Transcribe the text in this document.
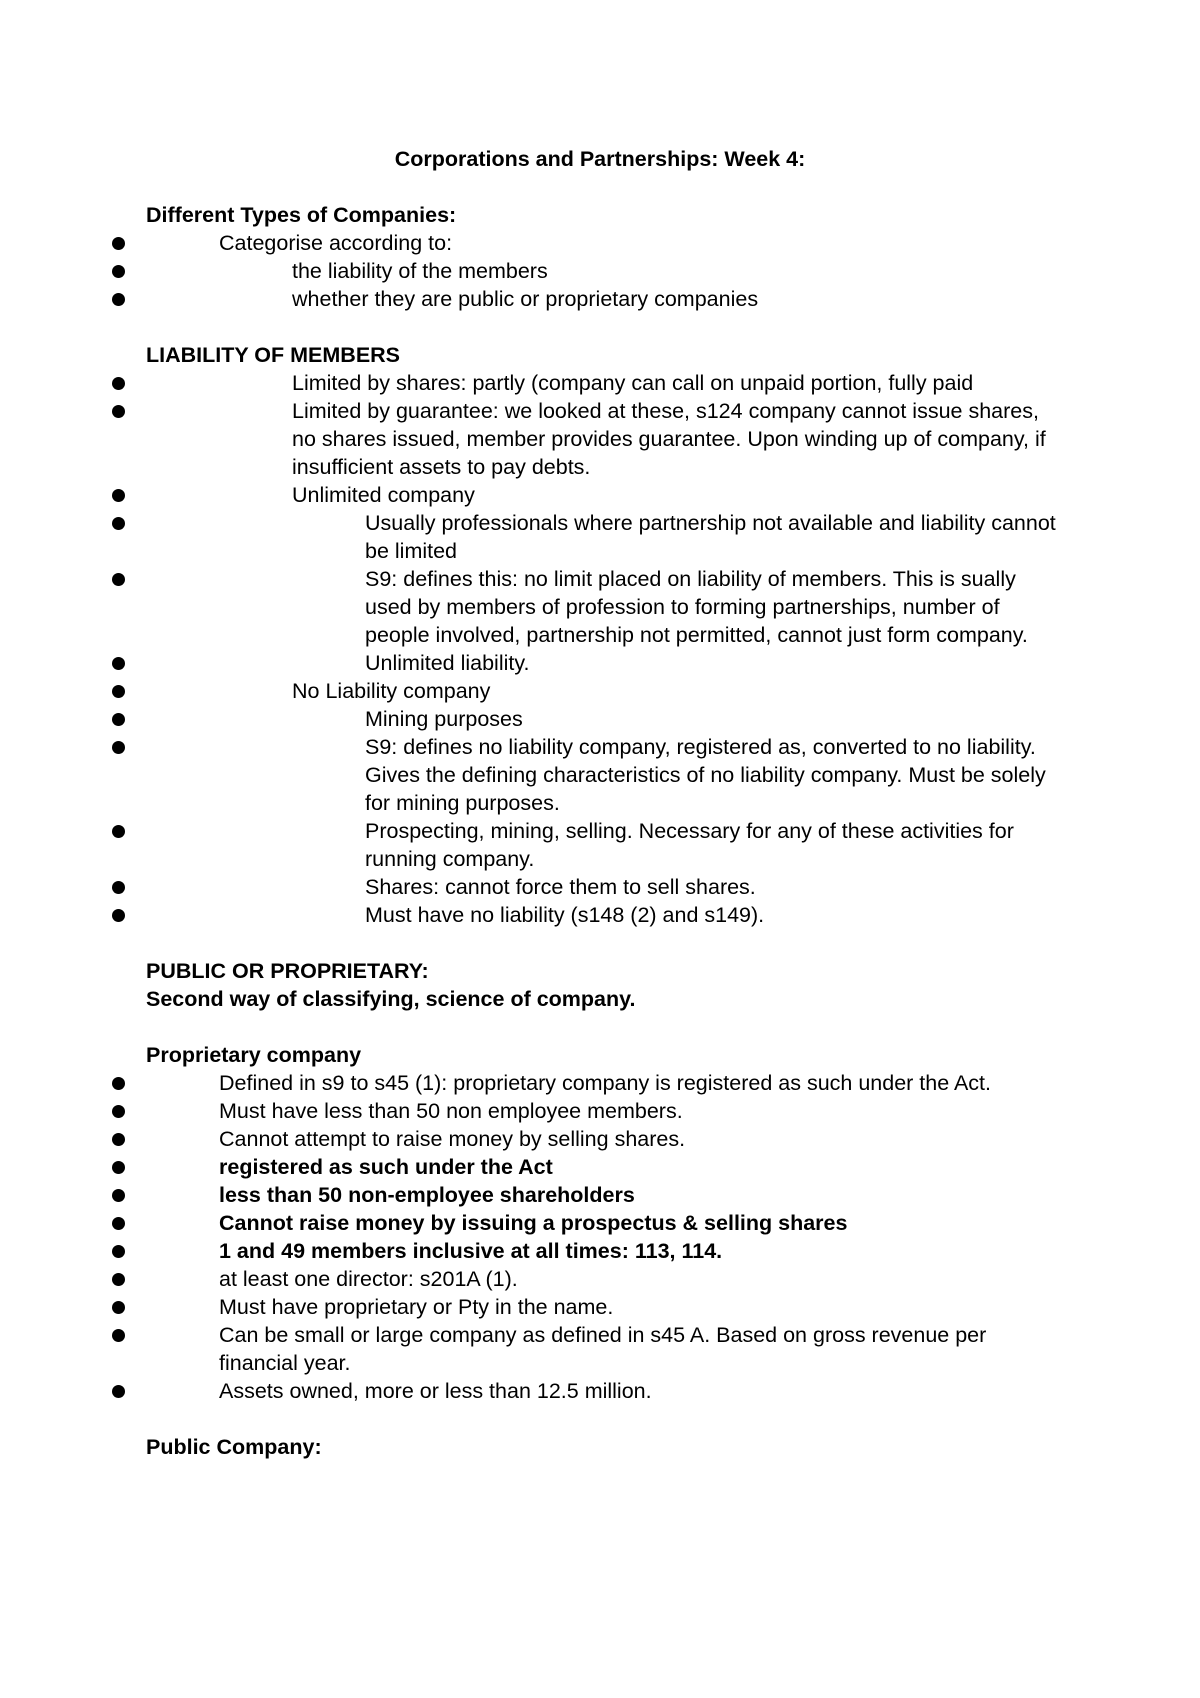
Corporations and Partnerships: Week 4:

Different Types of Companies:

Categorise according to:
the liability of the members
whether they are public or proprietary companies

LIABILITY OF MEMBERS

Limited by shares: partly (company can call on unpaid portion, fully paid
Limited by guarantee: we looked at these, s124 company cannot issue shares, no shares issued, member provides guarantee. Upon winding up of company, if insufficient assets to pay debts.
Unlimited company
Usually professionals where partnership not available and liability cannot be limited
S9: defines this: no limit placed on liability of members. This is sually used by members of profession to forming partnerships, number of people involved, partnership not permitted, cannot just form company.
Unlimited liability.
No Liability company
Mining purposes
S9: defines no liability company, registered as, converted to no liability. Gives the defining characteristics of no liability company. Must be solely for mining purposes.
Prospecting, mining, selling. Necessary for any of these activities for running company.
Shares: cannot force them to sell shares.
Must have no liability (s148 (2) and s149).

PUBLIC OR PROPRIETARY:

Second way of classifying, science of company.

Proprietary company

Defined in s9 to s45 (1): proprietary company is registered as such under the Act.
Must have less than 50 non employee members.
Cannot attempt to raise money by selling shares.
registered as such under the Act
less than 50 non-employee shareholders
Cannot raise money by issuing a prospectus & selling shares
1 and 49 members inclusive at all times: 113, 114.
at least one director: s201A (1).
Must have proprietary or Pty in the name.
Can be small or large company as defined in s45 A. Based on gross revenue per financial year.
Assets owned, more or less than 12.5 million.

Public Company:
